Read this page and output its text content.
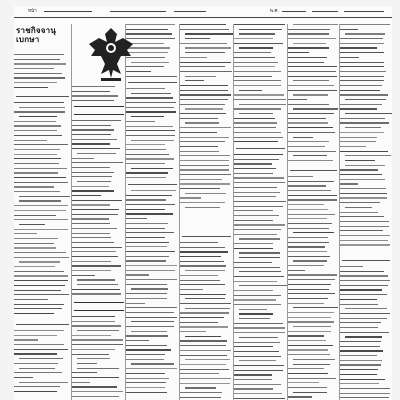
หน้า	พ.ศ.
ราชกิจจานุเบกษา
